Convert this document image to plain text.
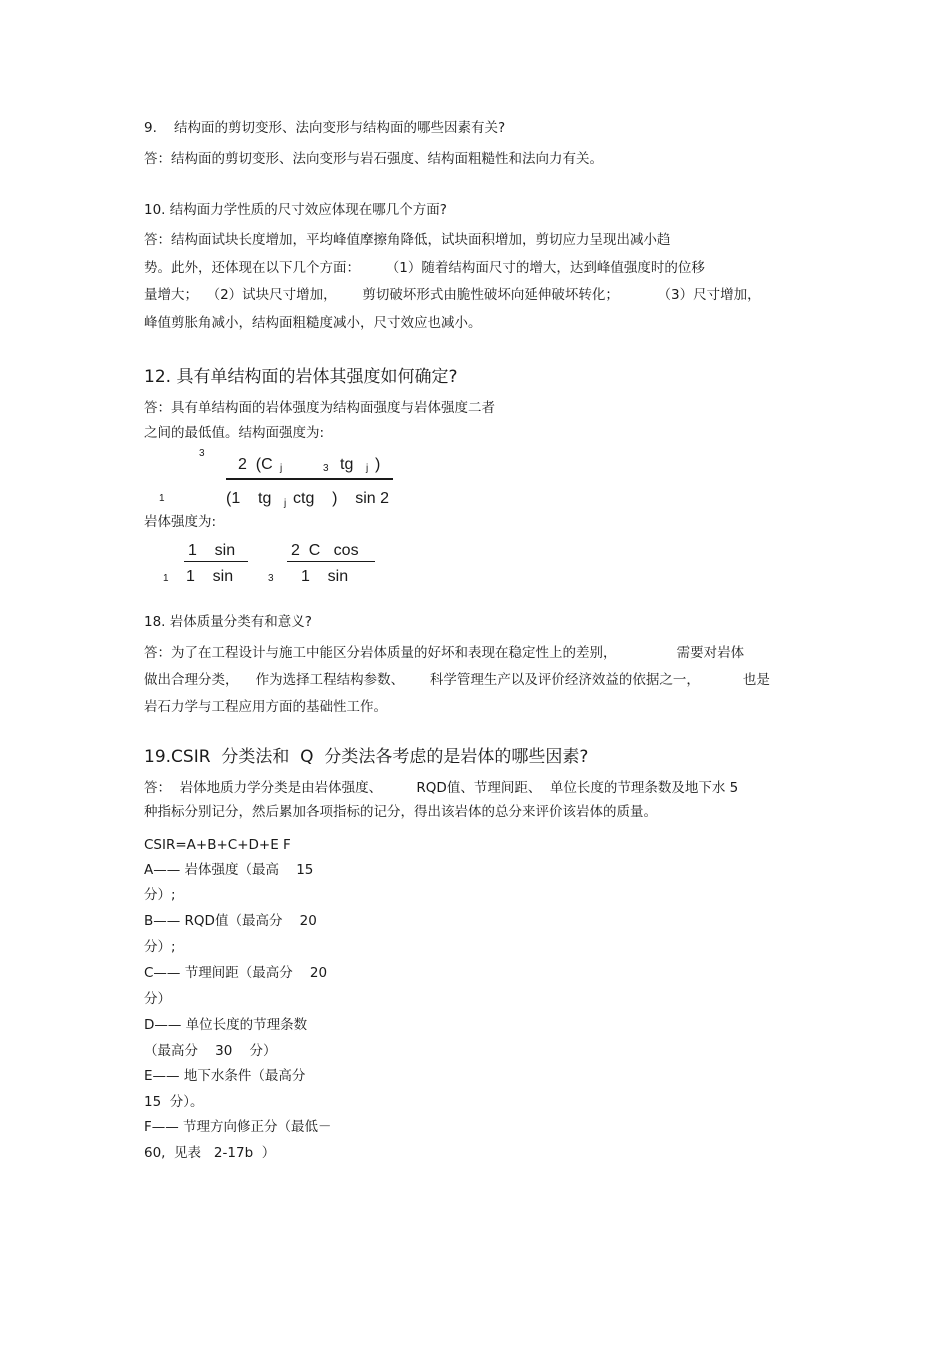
9.    结构面的剪切变形、法向变形与结构面的哪些因素有关?
答：结构面的剪切变形、法向变形与岩石强度、结构面粗糙性和法向力有关。
10. 结构面力学性质的尺寸效应体现在哪几个方面?
答：结构面试块长度增加，平均峰值摩擦角降低，试块面积增加，剪切应力呈现出减小趋
势。此外，还体现在以下几个方面：      （1）随着结构面尺寸的增大，达到峰值强度时的位移
量增大；  （2）试块尺寸增加，      剪切破坏形式由脆性破坏向延伸破坏转化；         （3）尺寸增加，
峰值剪胀角减小，结构面粗糙度减小，尺寸效应也减小。
12. 具有单结构面的岩体其强度如何确定?
答：具有单结构面的岩体强度为结构面强度与岩体强度二者
之间的最低值。结构面强度为:
3
2  (C j	3 tg j )
1	(1    tg j ctg    )    sin 2
岩体强度为:
1    sin	2  C   cos
1 1    sin	3 1    sin
18. 岩体质量分类有和意义?
答：为了在工程设计与施工中能区分岩体质量的好坏和表现在稳定性上的差别，              需要对岩体
做出合理分类，    作为选择工程结构参数、      科学管理生产以及评价经济效益的依据之一，          也是
岩石力学与工程应用方面的基础性工作。
19.CSIR  分类法和  Q  分类法各考虑的是岩体的哪些因素?
答：  岩体地质力学分类是由岩体强度、        RQD值、节理间距、  单位长度的节理条数及地下水 5
种指标分别记分，然后累加各项指标的记分，得出该岩体的总分来评价该岩体的质量。
CSIR=A+B+C+D+E F
A—— 岩体强度（最高    15
分）;
B—— RQD值（最高分    20
分）;
C—— 节理间距（最高分    20
分）
D—— 单位长度的节理条数
（最高分    30    分）
E—— 地下水条件（最高分
15  分）。
F—— 节理方向修正分（最低－
60,  见表   2-17b  ）
